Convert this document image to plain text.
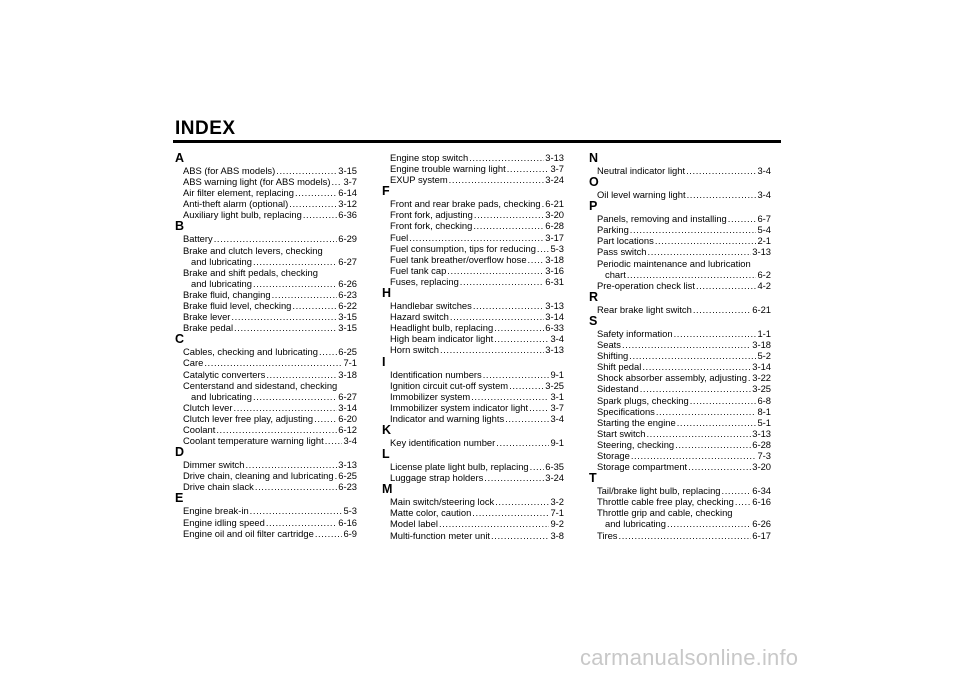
INDEX
A
ABS (for ABS models) .....	3-15
ABS warning light (for ABS models) ..... 3-7
Air filter element, replacing .....	6-14
Anti-theft alarm (optional) .....	3-12
Auxiliary light bulb, replacing .....	6-36
B
Battery .....	6-29
Brake and clutch levers, checking
and lubricating .....	6-27
Brake and shift pedals, checking
and lubricating .....	6-26
Brake fluid, changing .....	6-23
Brake fluid level, checking .....	6-22
Brake lever .....	3-15
Brake pedal .....	3-15
C
Cables, checking and lubricating ..... 6-25
Care .....	7-1
Catalytic converters .....	3-18
Centerstand and sidestand, checking
and lubricating .....	6-27
Clutch lever .....	3-14
Clutch lever free play, adjusting .....	6-20
Coolant .....	6-12
Coolant temperature warning light ..... 3-4
D
Dimmer switch .....	3-13
Drive chain, cleaning and lubricating ..... 6-25
Drive chain slack .....	6-23
E
Engine break-in .....	5-3
Engine idling speed .....	6-16
Engine oil and oil filter cartridge .....	6-9
Engine stop switch .....	3-13
Engine trouble warning light .....	3-7
EXUP system .....	3-24
F
Front and rear brake pads, checking ..... 6-21
Front fork, adjusting .....	3-20
Front fork, checking .....	6-28
Fuel .....	3-17
Fuel consumption, tips for reducing ..... 5-3
Fuel tank breather/overflow hose ..... 3-18
Fuel tank cap .....	3-16
Fuses, replacing .....	6-31
H
Handlebar switches .....	3-13
Hazard switch .....	3-14
Headlight bulb, replacing .....	6-33
High beam indicator light .....	3-4
Horn switch .....	3-13
I
Identification numbers .....	9-1
Ignition circuit cut-off system .....	3-25
Immobilizer system .....	3-1
Immobilizer system indicator light ..... 3-7
Indicator and warning lights .....	3-4
K
Key identification number .....	9-1
L
License plate light bulb, replacing ..... 6-35
Luggage strap holders .....	3-24
M
Main switch/steering lock .....	3-2
Matte color, caution .....	7-1
Model label .....	9-2
Multi-function meter unit .....	3-8
N
Neutral indicator light .....	3-4
O
Oil level warning light .....	3-4
P
Panels, removing and installing .....	6-7
Parking .....	5-4
Part locations .....	2-1
Pass switch .....	3-13
Periodic maintenance and lubrication
chart .....	6-2
Pre-operation check list .....	4-2
R
Rear brake light switch .....	6-21
S
Safety information .....	1-1
Seats .....	3-18
Shifting .....	5-2
Shift pedal .....	3-14
Shock absorber assembly, adjusting ..... 3-22
Sidestand .....	3-25
Spark plugs, checking .....	6-8
Specifications .....	8-1
Starting the engine .....	5-1
Start switch .....	3-13
Steering, checking .....	6-28
Storage .....	7-3
Storage compartment .....	3-20
T
Tail/brake light bulb, replacing .....	6-34
Throttle cable free play, checking ..... 6-16
Throttle grip and cable, checking
and lubricating .....	6-26
Tires .....	6-17
carmanualsonline.info
